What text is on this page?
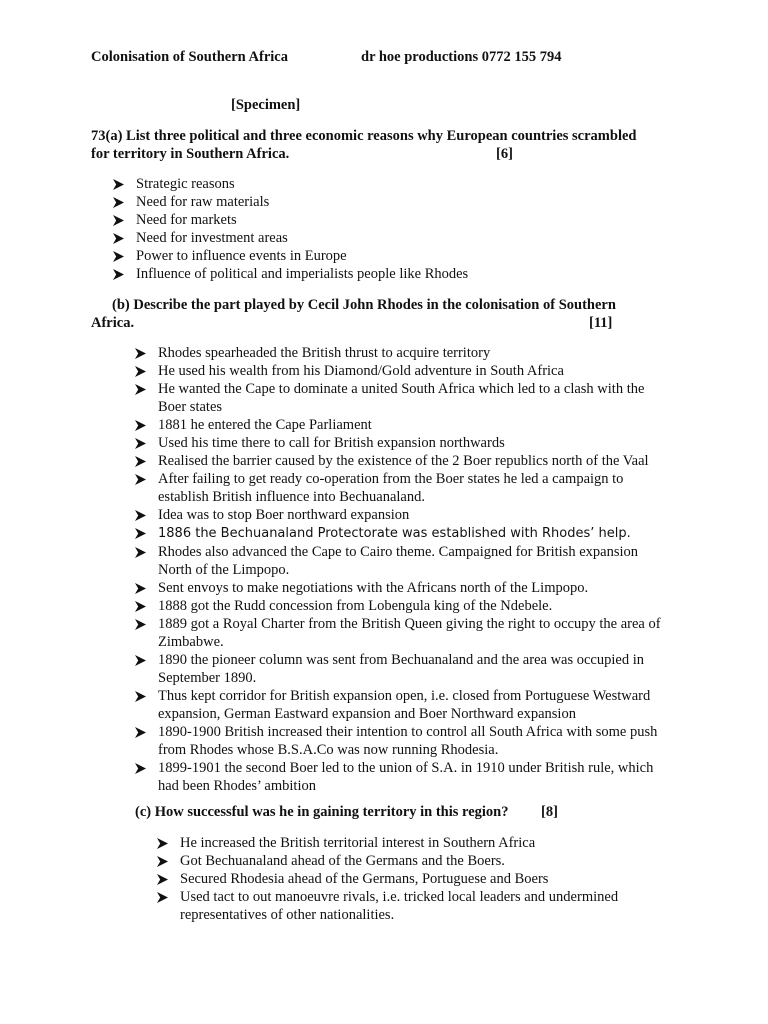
Colonisation of Southern Africa	dr hoe productions 0772 155 794
[Specimen]
73(a) List three political and three economic reasons why European countries scrambled
for territory in Southern Africa.	[6]
Strategic reasons
Need for raw materials
Need for markets
Need for investment areas
Power to influence events in Europe
Influence of political and imperialists people like Rhodes
(b) Describe the part played by Cecil John Rhodes in the colonisation of Southern
Africa.	[11]
Rhodes spearheaded the British thrust to acquire territory
He used his wealth from his Diamond/Gold adventure in South Africa
He wanted the Cape to dominate a united South Africa which led to a clash with the Boer states
1881 he entered the Cape Parliament
Used his time there to call for British expansion northwards
Realised the barrier caused by the existence of the 2 Boer republics north of the Vaal
After failing to get ready co-operation from the Boer states he led a campaign to establish British influence into Bechuanaland.
Idea was to stop Boer northward expansion
1886 the Bechuanaland Protectorate was established with Rhodes’ help.
Rhodes also advanced the Cape to Cairo theme. Campaigned for British expansion North of the Limpopo.
Sent envoys to make negotiations with the Africans north of the Limpopo.
1888 got the Rudd concession from Lobengula king of the Ndebele.
1889 got a Royal Charter from the British Queen giving the right to occupy the area of Zimbabwe.
1890 the pioneer column was sent from Bechuanaland and the area was occupied in September 1890.
Thus kept corridor for British expansion open, i.e. closed from Portuguese Westward expansion, German Eastward expansion and Boer Northward expansion
1890-1900 British increased their intention to control all South Africa with some push from Rhodes whose B.S.A.Co was now running Rhodesia.
1899-1901 the second Boer led to the union of S.A. in 1910 under British rule, which had been Rhodes’ ambition
(c) How successful was he in gaining territory in this region? [8]
He increased the British territorial interest in Southern Africa
Got Bechuanaland ahead of the Germans and the Boers.
Secured Rhodesia ahead of the Germans, Portuguese and Boers
Used tact to out manoeuvre rivals, i.e. tricked local leaders and undermined representatives of other nationalities.
